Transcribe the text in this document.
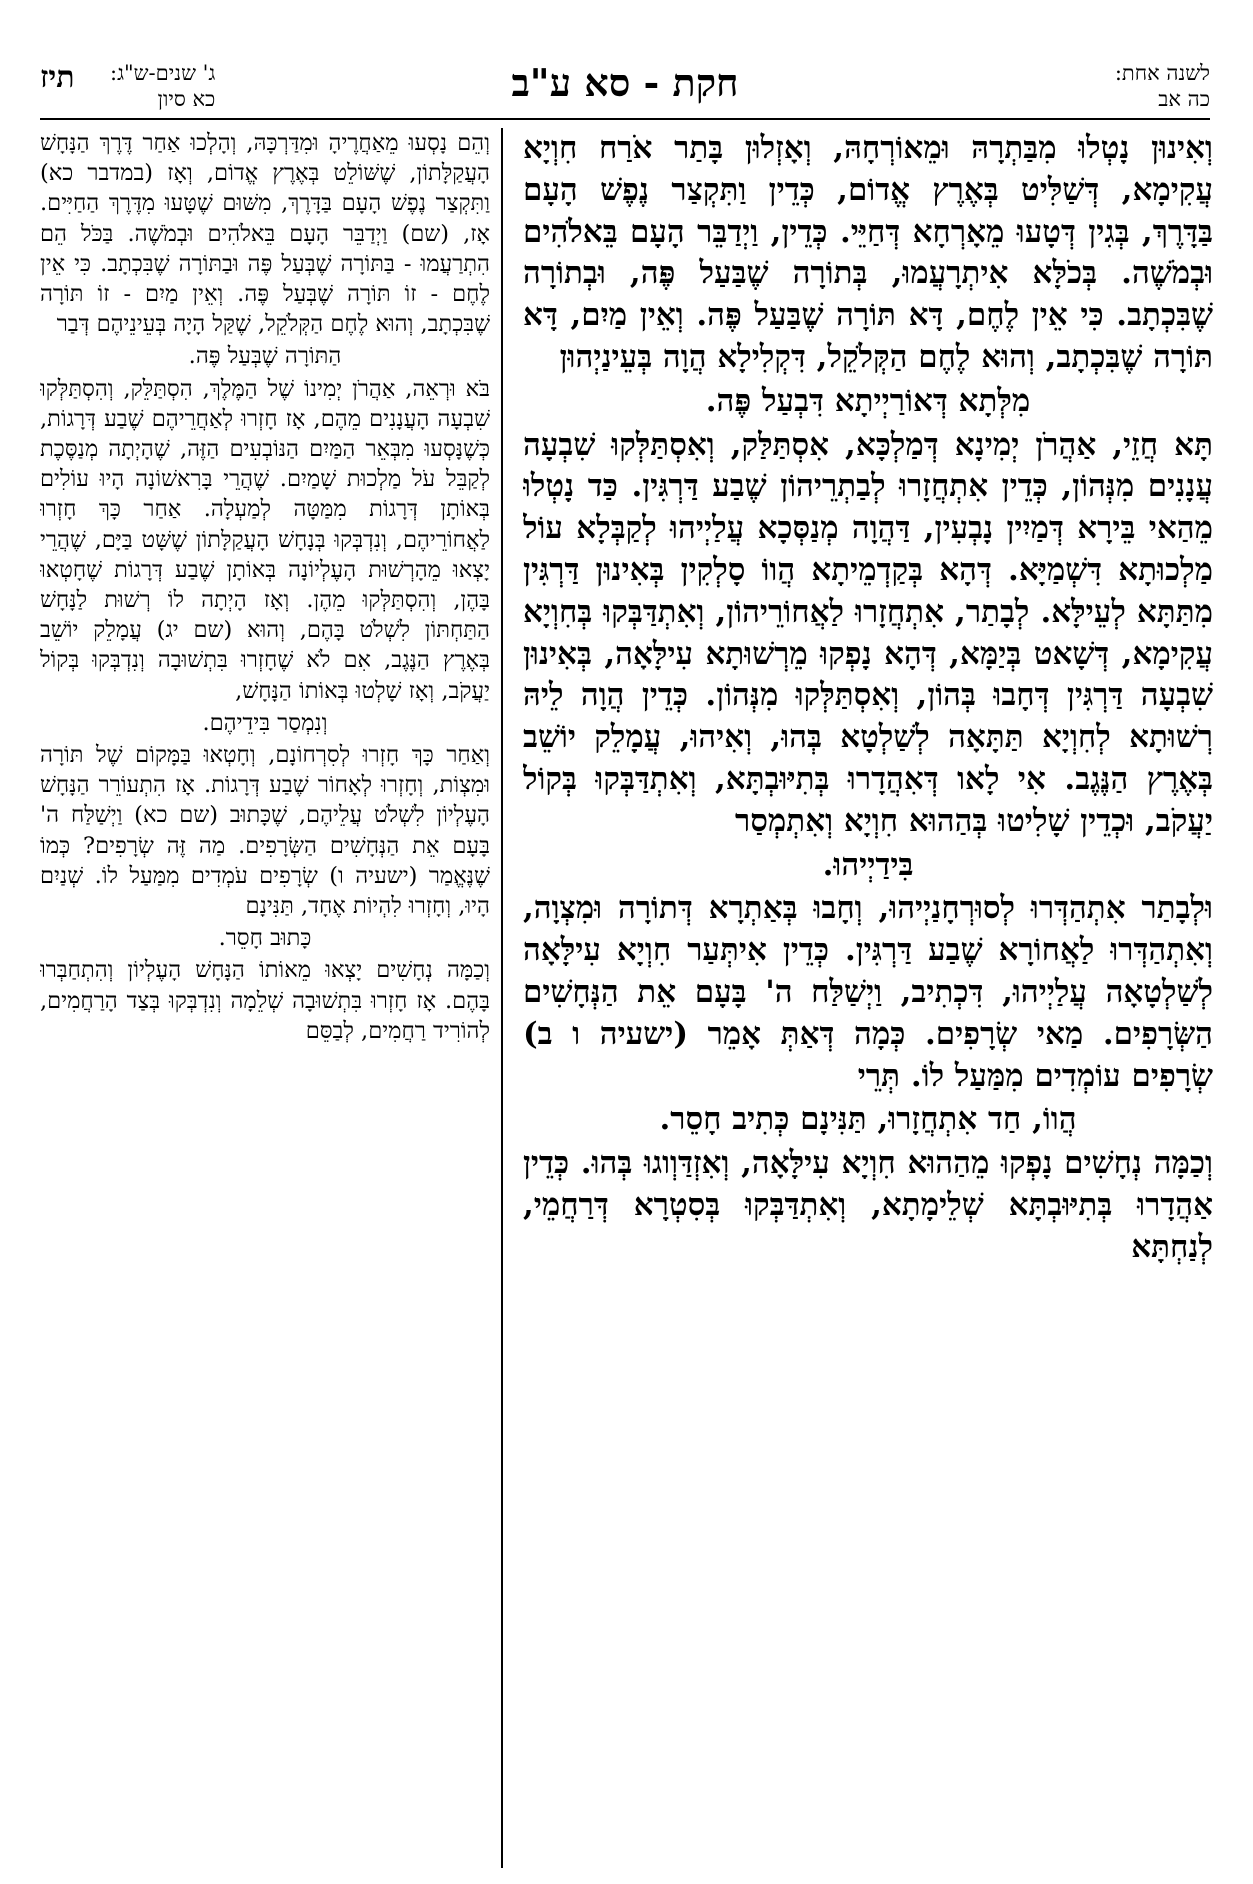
לשנה אחת:
כה אב
חקת - סא ע"ב
ג' שנים-ש"ג:
כא סיון
תיז

וְאִינוּן נָטְלוּ מִבַּתְרָהּ וּמֵאוֹרְחָהּ, וְאָזְלוּן בָּתַר אֹרַח חִוְיָא עֲקִימָא, דְּשַׁלִּיט בְּאֶרֶץ אֱדוֹם, כְּדֵין וַתִּקְצַר נֶפֶשׁ הָעָם בַּדָּרֶךְ, בְּגִין דְּטָעוּ מֵאָרְחָא דְּחַיֵּי. כְּדֵין, וַיְדַבֵּר הָעָם בֵּאלֹהִים וּבְמֹשֶׁה. בְּכֹלָּא אִיתְרָעֲמוּ, בְּתוֹרָה שֶׁבַּעַל פֶּה, וּבְתוֹרָה שֶׁבִּכְתָב. כִּי אֵין לֶחֶם, דָּא תּוֹרָה שֶׁבַּעַל פֶּה. וְאֵין מַיִם, דָּא תּוֹרָה שֶׁבִּכְתָב, וְהוּא לֶחֶם הַקְּלֹקֵל, דִּקְלִילָא הֲוָה בְּעֵינַיְהוּן

מִלְּתָא דְּאוֹרַיְיתָא דִּבְעַל פֶּה.

תָּא חֲזֵי, אַהֲרֹן יְמִינָא דְּמַלְכָּא, אִסְתַּלַּק, וְאִסְתַּלְּקוּ שִׁבְעָה עֲנָנִים מִנְּהוֹן, כְּדֵין אִתְחֲזָרוּ לְבַתְרֵיהוֹן שֶׁבַע דַּרְגִּין. כַּד נָטְלוּ מֵהַאי בֵּירָא דְּמַיִין נָבְעִין, דַּהֲוָה מְנַסְּכָא עֲלַיְיהוּ לְקַבְּלָא עוֹל מַלְכוּתָא דִּשְׁמַיָּא. דְּהָא בְּקַדְמֵיתָא הֲווֹ סָלְקִין בְּאִינוּן דַּרְגִּין מִתַּתָּא לְעֵילָּא. לְבָתַר, אִתְחֲזָרוּ לַאֲחוֹרֵיהוֹן, וְאִתְדַּבְּקוּ בְּחִוְיָא עֲקִימָא, דְּשָׁאט בְּיַמָּא, דְּהָא נָפְקוּ מֵרְשׁוּתָא עִילָּאָה, בְּאִינוּן שִׁבְעָה דַּרְגִּין דְּחָבוּ בְּהוֹן, וְאִסְתַּלְּקוּ מִנְּהוֹן. כְּדֵין הֲוָה לֵיהּ רְשׁוּתָא לְחִוְיָא תַּתָּאָה לְשַׁלְטָא בְּהוּ, וְאִיהוּ, עֲמָלֵק יוֹשֵׁב בְּאֶרֶץ הַנֶּגֶב. אִי לָאו דְּאִהֲדָרוּ בְּתִיּוּבְתָּא, וְאִתְדַּבְּקוּ בְּקוֹל יַעֲקֹב, וּכְדֵין שָׁלִיטוּ בְּהַהוּא חִוְיָא וְאִתְמְסַר

בִּידַיְיהוּ.

וּלְבָתַר אִתְהַדְּרוּ לְסוּרְחָנַיְיהוּ, וְחָבוּ בְּאַתְרָא דְּתוֹרָה וּמִצְוָה, וְאִתְהַדְּרוּ לַאֲחוֹרָא שֶׁבַע דַּרְגִּין. כְּדֵין אִיתְּעַר חִוְיָא עִילָּאָה לְשַׁלְטָאָה עֲלַיְיהוּ, דִּכְתִיב, וַיְשַׁלַּח ה' בָּעָם אֵת הַנְּחָשִׁים הַשְּׂרָפִים. מַאי שְׂרָפִים. כְּמָה דְּאַתְּ אָמֵר (ישעיה ו ב) שְׂרָפִים עוֹמְדִים מִמַּעַל לוֹ. תְּרֵי

הֲווֹ, חַד אִתְחֲזָרוּ, תַּנִּינָם כְּתִיב חָסֵר.

וְכַמָּה נְחָשִׁים נָפְקוּ מֵהַהוּא חִוְיָא עִילָּאָה, וְאִזְדַּוְוגוּ בְּהוּ. כְּדֵין אַהֲדָרוּ בְּתִיּוּבְתָּא שְׁלֵימָתָא, וְאִתְדַּבְּקוּ בְּסִטְרָא דְּרַחֲמֵי, לְנַחְתָּא

וְהֵם נָסְעוּ מֵאַחֲרֶיהָ וּמִדַּרְכָּהּ, וְהָלְכוּ אַחַר דֶּרֶךְ הַנָּחָשׁ הָעֲקַלָּתוֹן, שֶׁשּׁוֹלֵט בְּאֶרֶץ אֱדוֹם, וְאָז (במדבר כא) וַתִּקְצַר נֶפֶשׁ הָעָם בַּדָּרֶךְ, מִשּׁוּם שֶׁטָּעוּ מִדֶּרֶךְ הַחַיִּים. אָז, (שם) וַיְדַבֵּר הָעָם בֵּאלֹהִים וּבְמֹשֶׁה. בַּכֹּל הֵם הִתְרַעֲמוּ - בַּתּוֹרָה שֶׁבְּעַל פֶּה וּבַתּוֹרָה שֶׁבִּכְתָב. כִּי אֵין לֶחֶם - זוֹ תּוֹרָה שֶׁבְּעַל פֶּה. וְאֵין מַיִם - זוֹ תּוֹרָה שֶׁבִּכְתָב, וְהוּא לֶחֶם הַקְּלֹקֵל, שֶׁקַּל הָיָה בְּעֵינֵיהֶם דְּבַר

הַתּוֹרָה שֶׁבְּעַל פֶּה.

בֹּא וּרְאֵה, אַהֲרֹן יְמִינוֹ שֶׁל הַמֶּלֶךְ, הִסְתַּלֵּק, וְהִסְתַּלְּקוּ שִׁבְעָה הָעֲנָנִים מֵהֶם, אָז חָזְרוּ לְאַחֲרֵיהֶם שֶׁבַע דְּרָגוֹת, כְּשֶׁנָּסְעוּ מִבְּאֵר הַמַּיִם הַנּוֹבְעִים הַזֶּה, שֶׁהָיְתָה מְנַסֶּכֶת לְקַבֵּל עֹל מַלְכוּת שָׁמַיִם. שֶׁהֲרֵי בָּרִאשׁוֹנָה הָיוּ עוֹלִים בְּאוֹתָן דְּרָגוֹת מִמַּטָּה לְמַעְלָה. אַחַר כָּךְ חָזְרוּ לַאֲחוֹרֵיהֶם, וְנִדְבְּקוּ בְּנָחָשׁ הָעֲקַלָּתוֹן שֶׁשָּׁט בַּיָּם, שֶׁהֲרֵי יָצְאוּ מֵהָרְשׁוּת הָעֶלְיוֹנָה בְּאוֹתָן שֶׁבַע דְּרָגוֹת שֶׁחָטְאוּ בָּהֶן, וְהִסְתַּלְּקוּ מֵהֶן. וְאָז הָיְתָה לוֹ רְשׁוּת לַנָּחָשׁ הַתַּחְתּוֹן לִשְׁלֹט בָּהֶם, וְהוּא (שם יג) עֲמָלֵק יוֹשֵׁב בְּאֶרֶץ הַנֶּגֶב, אִם לֹא שֶׁחָזְרוּ בִּתְשׁוּבָה וְנִדְבְּקוּ בְּקוֹל יַעֲקֹב, וְאָז שָׁלְטוּ בְּאוֹתוֹ הַנָּחָשׁ,

וְנִמְסַר בִּידֵיהֶם.

וְאַחַר כָּךְ חָזְרוּ לְסִרְחוֹנָם, וְחָטְאוּ בַּמָּקוֹם שֶׁל תּוֹרָה וּמִצְוֹת, וְחָזְרוּ לְאָחוֹר שֶׁבַע דְּרָגוֹת. אָז הִתְעוֹרֵר הַנָּחָשׁ הָעֶלְיוֹן לִשְׁלֹט עֲלֵיהֶם, שֶׁכָּתוּב (שם כא) וַיְשַׁלַּח ה' בָּעָם אֵת הַנְּחָשִׁים הַשְּׂרָפִים. מַה זֶּה שְׂרָפִים? כְּמוֹ שֶׁנֶּאֱמַר (ישעיה ו) שְׂרָפִים עֹמְדִים מִמַּעַל לוֹ. שְׁנַיִם הָיוּ, וְחָזְרוּ לִהְיוֹת אֶחָד, תַּנִּינָם

כָּתוּב חָסֵר.

וְכַמָּה נְחָשִׁים יָצְאוּ מֵאוֹתוֹ הַנָּחָשׁ הָעֶלְיוֹן וְהִתְחַבְּרוּ בָּהֶם. אָז חָזְרוּ בִּתְשׁוּבָה שְׁלֵמָה וְנִדְבְּקוּ בְּצַד הָרַחֲמִים, לְהוֹרִיד רַחֲמִים, לְבַסֵּם
